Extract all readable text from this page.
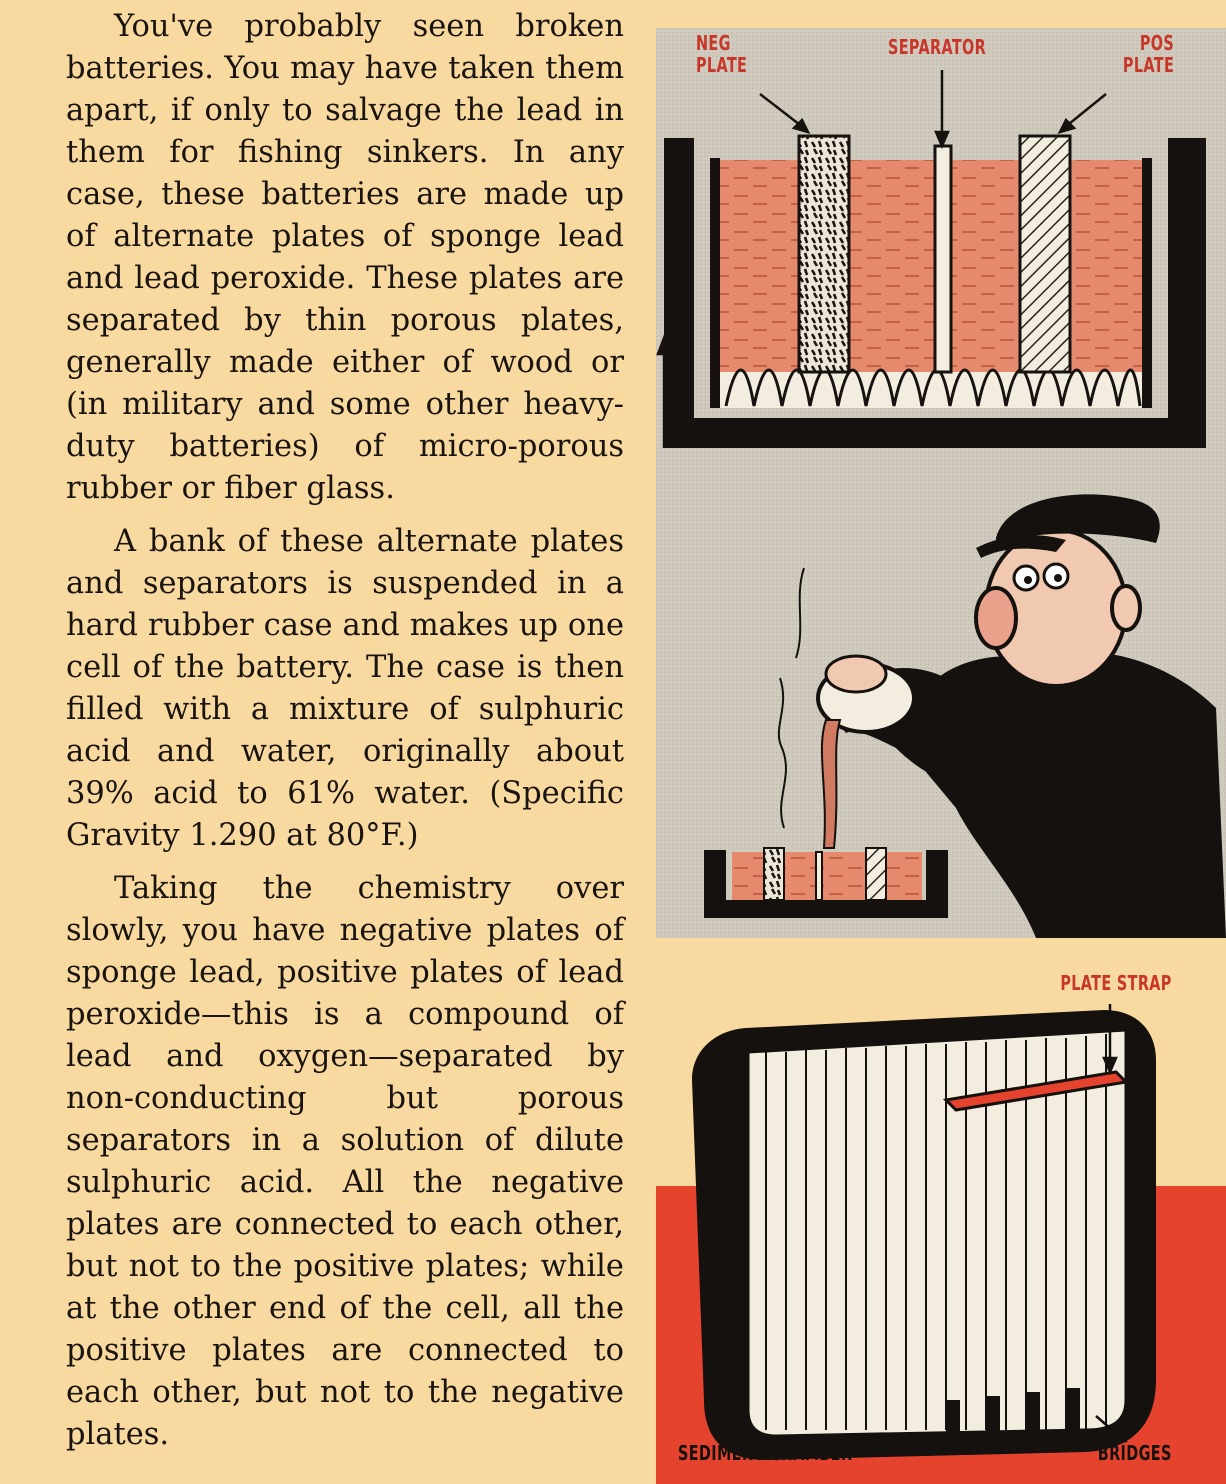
You've probably seen broken batteries. You may have taken them apart, if only to salvage the lead in them for fishing sinkers. In any case, these batteries are made up of alternate plates of sponge lead and lead peroxide. These plates are separated by thin porous plates, generally made either of wood or (in military and some other heavy-duty batteries) of micro-porous rubber or fiber glass.

A bank of these alternate plates and separators is suspended in a hard rubber case and makes up one cell of the battery. The case is then filled with a mixture of sulphuric acid and water, originally about 39% acid to 61% water. (Specific Gravity 1.290 at 80°F.)

Taking the chemistry over slowly, you have negative plates of sponge lead, positive plates of lead peroxide—this is a compound of lead and oxygen—separated by non-conducting but porous separators in a solution of dilute sulphuric acid. All the negative plates are connected to each other, but not to the positive plates; while at the other end of the cell, all the positive plates are connected to each other, but not to the negative plates.

NEG
PLATE
SEPARATOR	POS
PLATE
PLATE STRAP
SEDIMENT CHAMBER	BRIDGES
